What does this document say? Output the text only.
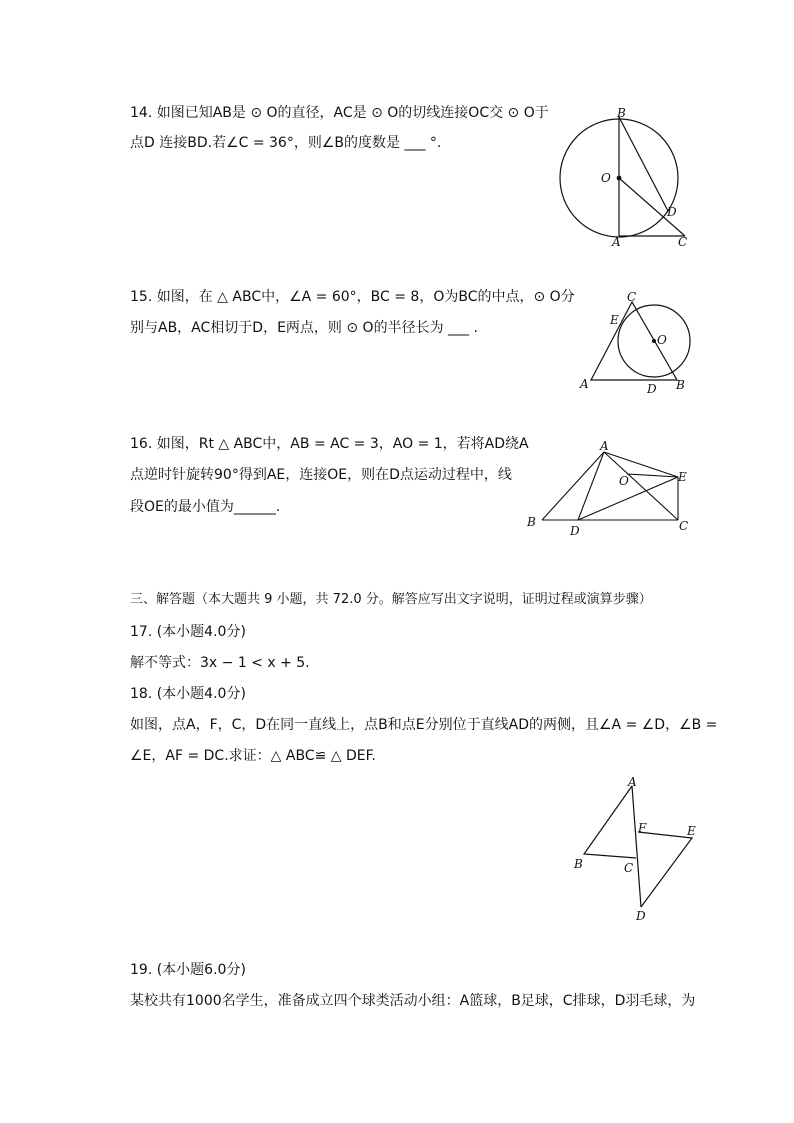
14. 如图已知AB是 ⊙ O的直径，AC是 ⊙ O的切线连接OC交 ⊙ O于
点D 连接BD.若∠C = 36°，则∠B的度数是 ___ °.
B
O
D
A	C
15. 如图，在 △ ABC中，∠A = 60°，BC = 8，O为BC的中点，⊙ O分
别与AB，AC相切于D，E两点，则 ⊙ O的半径长为 ___ .
C
E
O
A	D B
16. 如图，Rt △ ABC中，AB = AC = 3，AO = 1，若将AD绕A
点逆时针旋转90°得到AE，连接OE，则在D点运动过程中，线
段OE的最小值为______.
A
O	E
B
D	C
三、解答题（本大题共 9 小题，共 72.0 分。解答应写出文字说明，证明过程或演算步骤）
17. (本小题4.0分)
解不等式：3x − 1 < x + 5.
18. (本小题4.0分)
如图，点A，F，C，D在同一直线上，点B和点E分别位于直线AD的两侧，且∠A = ∠D，∠B =
∠E，AF = DC.求证：△ ABC≌ △ DEF.
A
F	E
B	C
D
19. (本小题6.0分)
某校共有1000名学生，准备成立四个球类活动小组：A篮球，B足球，C排球，D羽毛球，为
